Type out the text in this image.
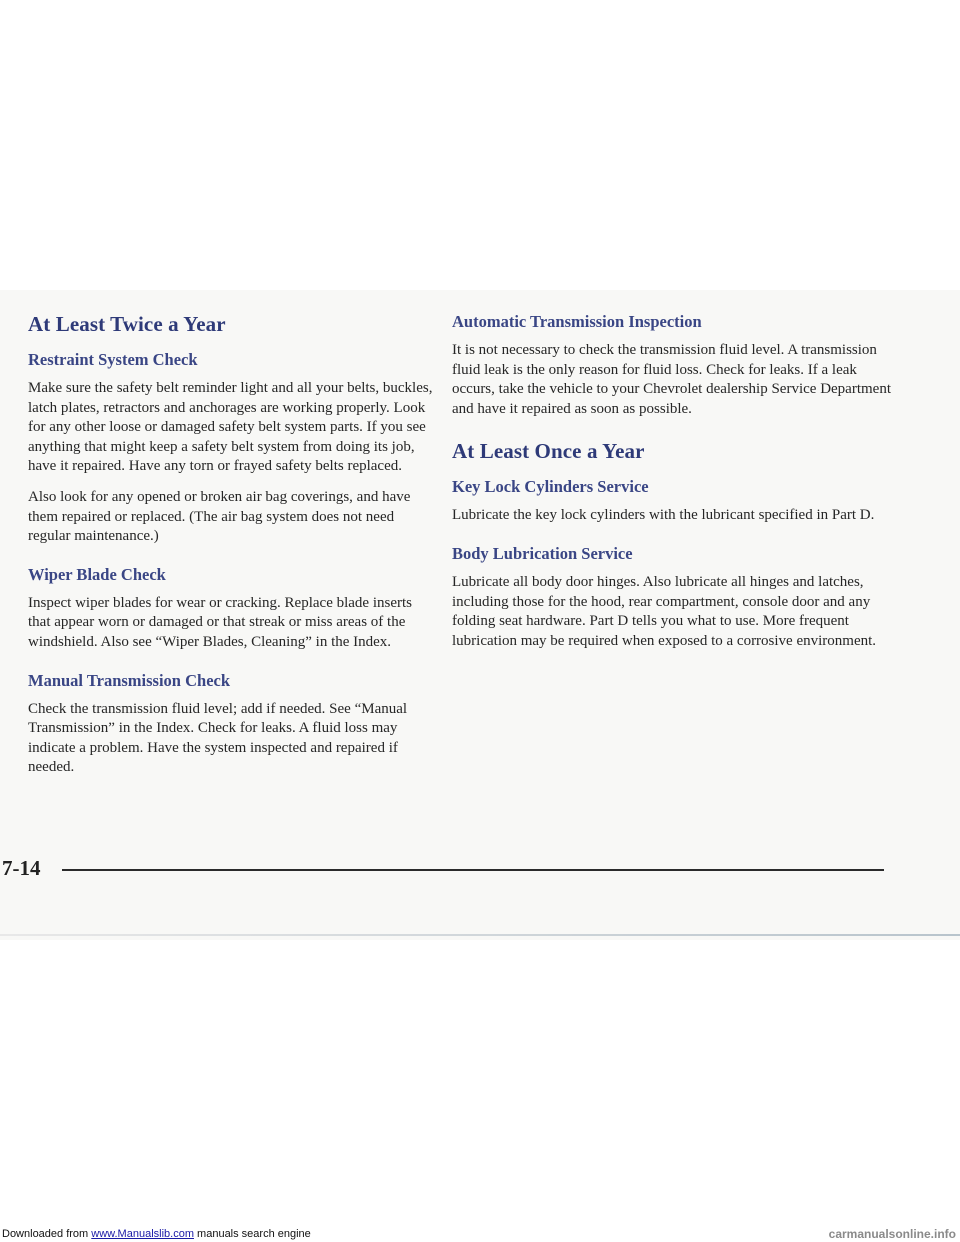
At Least Twice a Year
Restraint System Check

Make sure the safety belt reminder light and all your belts, buckles, latch plates, retractors and anchorages are working properly. Look for any other loose or damaged safety belt system parts. If you see anything that might keep a safety belt system from doing its job, have it repaired. Have any torn or frayed safety belts replaced.

Also look for any opened or broken air bag coverings, and have them repaired or replaced. (The air bag system does not need regular maintenance.)

Wiper Blade Check

Inspect wiper blades for wear or cracking. Replace blade inserts that appear worn or damaged or that streak or miss areas of the windshield. Also see “Wiper Blades, Cleaning” in the Index.

Manual Transmission Check

Check the transmission fluid level; add if needed. See “Manual Transmission” in the Index. Check for leaks. A fluid loss may indicate a problem. Have the system inspected and repaired if needed.

Automatic Transmission Inspection

It is not necessary to check the transmission fluid level. A transmission fluid leak is the only reason for fluid loss. Check for leaks. If a leak occurs, take the vehicle to your Chevrolet dealership Service Department and have it repaired as soon as possible.

At Least Once a Year
Key Lock Cylinders Service

Lubricate the key lock cylinders with the lubricant specified in Part D.

Body Lubrication Service

Lubricate all body door hinges. Also lubricate all hinges and latches, including those for the hood, rear compartment, console door and any folding seat hardware. Part D tells you what to use. More frequent lubrication may be required when exposed to a corrosive environment.

7-14
Downloaded from www.Manualslib.com manuals search engine	carmanualsonline.info
